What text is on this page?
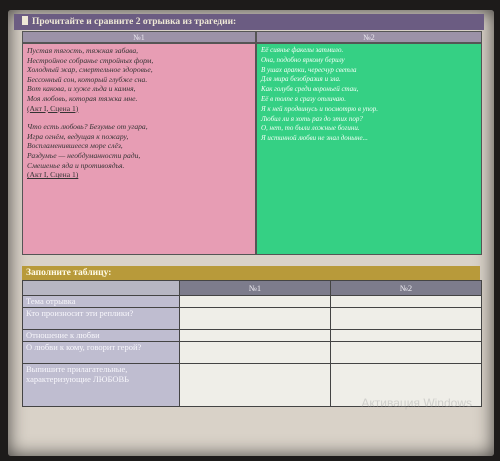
Прочитайте и сравните 2 отрывка из трагедии:
№1	№2
Пустая тягость, тяжкая забава,
Нестройное собранье стройных форм,
Холодный жар, смертельное здоровье,
Бессонный сон, который глубже сна.
Вот какова, и хуже льда и камня,
Моя любовь, которая тяжка мне.
(Акт I, Сцена 1)
Что есть любовь? Безумье от угара,
Игра огнём, ведущая к пожару,
Воспламенившееся море слёз,
Раздумье — необдуманности ради,
Смешенье яда и противоядья.
(Акт I, Сцена 1)
Её сиянье факелы затмило.
Она, подобно яркому берилу
В ушах арапки, чересчур светла
Для мира безобразия и зла.
Как голубя среди вороньей стаи,
Её в толпе я сразу отличаю.
Я к ней продвинусь и посмотрю в упор.
Любил ли я хоть раз до этих пор?
О, нет, то были ложные богини.
Я истинной любви не знал доныне...
Заполните таблицу:
	№1	№2
Тема отрывка		
Кто произносит эти реплики?		
Отношение к любви		
О любви к кому, говорит герой?		
Выпишите прилагательные, характеризующие ЛЮБОВЬ		
Активация Windows
